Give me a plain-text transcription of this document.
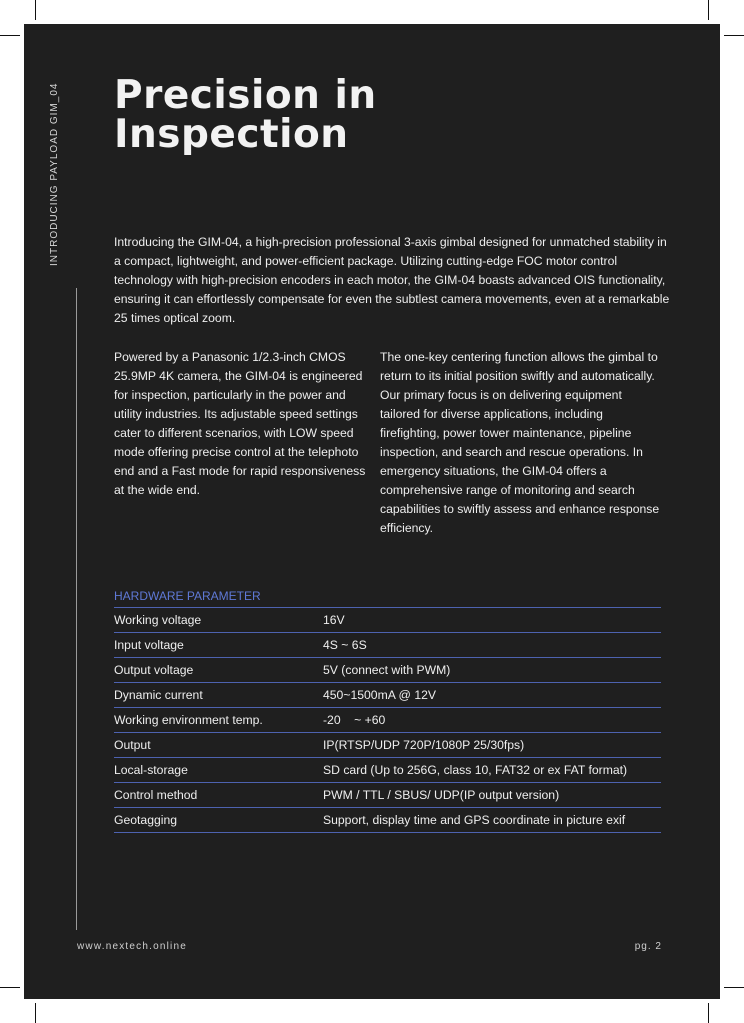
INTRODUCING PAYLOAD GIM_04 Precision in
Inspection

Introducing the GIM-04, a high-precision professional 3-axis gimbal designed for unmatched stability in a compact, lightweight, and power-efficient package. Utilizing cutting-edge FOC motor control technology with high-precision encoders in each motor, the GIM-04 boasts advanced OIS functionality, ensuring it can effortlessly compensate for even the subtlest camera movements, even at a remarkable 25 times optical zoom.

Powered by a Panasonic 1/2.3-inch CMOS 25.9MP 4K camera, the GIM-04 is engineered for inspection, particularly in the power and utility industries. Its adjustable speed settings cater to different scenarios, with LOW speed mode offering precise control at the telephoto end and a Fast mode for rapid responsiveness at the wide end.

The one-key centering function allows the gimbal to return to its initial position swiftly and automatically. Our primary focus is on delivering equipment tailored for diverse applications, including firefighting, power tower maintenance, pipeline inspection, and search and rescue operations. In emergency situations, the GIM-04 offers a comprehensive range of monitoring and search capabilities to swiftly assess and enhance response efficiency.

HARDWARE PARAMETER
Working voltage	16V
Input voltage	4S ~ 6S
Output voltage	5V (connect with PWM)
Dynamic current	450~1500mA @ 12V
Working environment temp.	-20    ~ +60
Output	IP(RTSP/UDP 720P/1080P 25/30fps)
Local-storage	SD card (Up to 256G, class 10, FAT32 or ex FAT format)
Control method	PWM / TTL / SBUS/ UDP(IP output version)
Geotagging	Support, display time and GPS coordinate in picture exif
www.nextech.online	pg. 2
